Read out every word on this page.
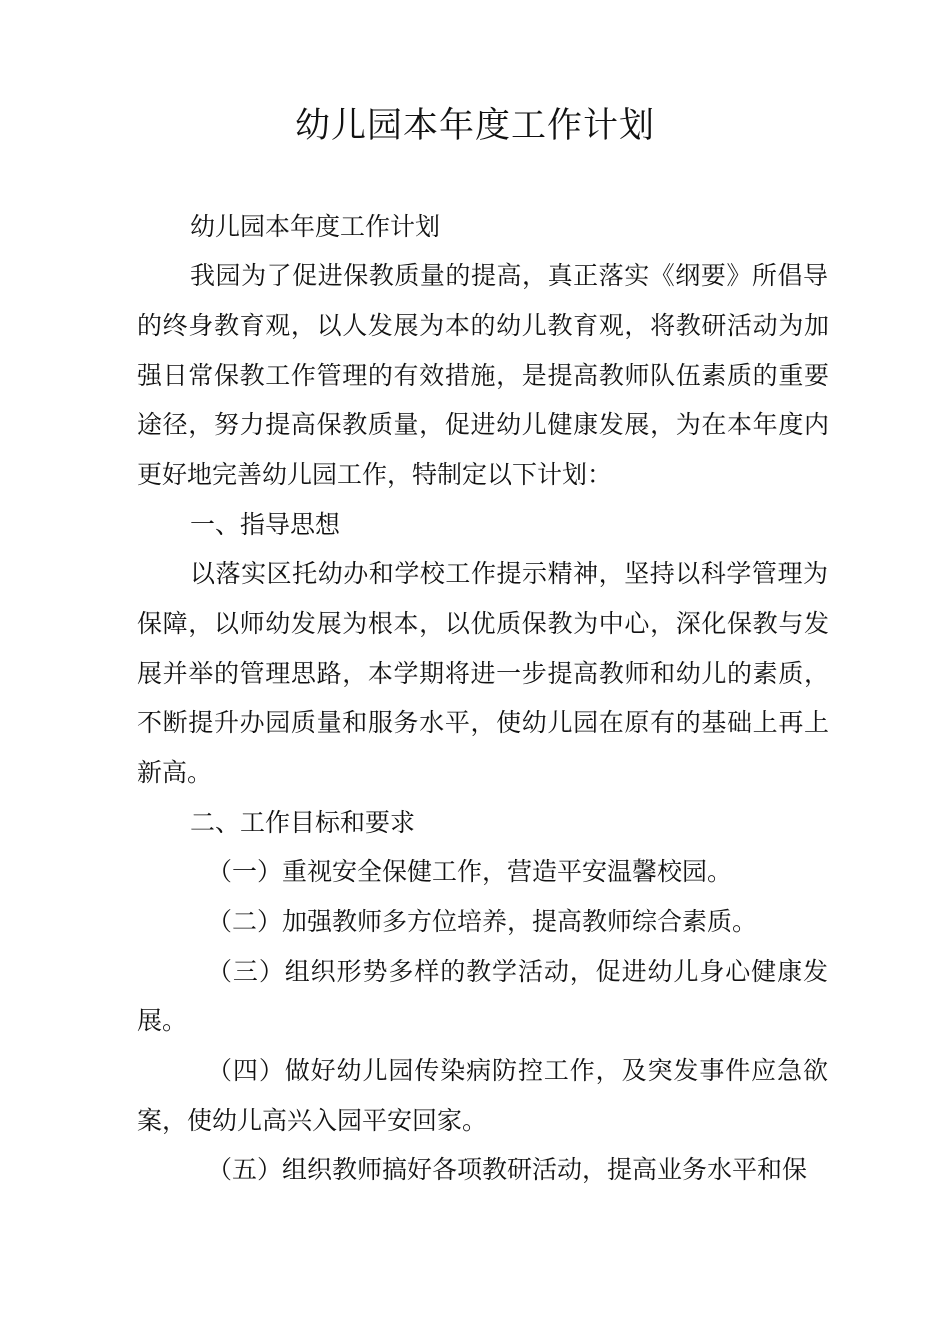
幼儿园本年度工作计划

幼儿园本年度工作计划

我园为了促进保教质量的提高，真正落实《纲要》所倡导

的终身教育观，以人发展为本的幼儿教育观，将教研活动为加

强日常保教工作管理的有效措施，是提高教师队伍素质的重要

途径，努力提高保教质量，促进幼儿健康发展，为在本年度内

更好地完善幼儿园工作，特制定以下计划：

一、指导思想

以落实区托幼办和学校工作提示精神，坚持以科学管理为

保障，以师幼发展为根本，以优质保教为中心，深化保教与发

展并举的管理思路，本学期将进一步提高教师和幼儿的素质，

不断提升办园质量和服务水平，使幼儿园在原有的基础上再上

新高。

二、工作目标和要求

（一）重视安全保健工作，营造平安温馨校园。

（二）加强教师多方位培养，提高教师综合素质。

（三）组织形势多样的教学活动，促进幼儿身心健康发

展。

（四）做好幼儿园传染病防控工作，及突发事件应急欲

案，使幼儿高兴入园平安回家。

（五）组织教师搞好各项教研活动，提高业务水平和保
